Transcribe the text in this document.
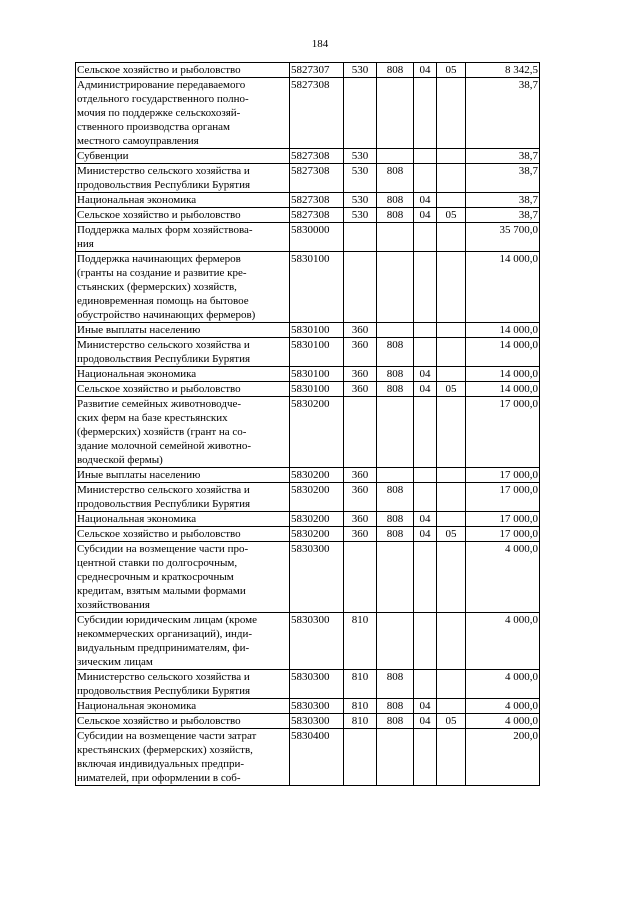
184
Сельское хозяйство и рыболовство	5827307	530	808	04	05	8 342,5

Администрирование передаваемого
отдельного государственного полно-
мочия по поддержке сельскохозяй-
ственного производства органам
местного самоуправления	5827308					38,7

Субвенции	5827308	530				38,7

Министерство сельского хозяйства и
продовольствия Республики Бурятия	5827308	530	808			38,7

Национальная экономика	5827308	530	808	04		38,7

Сельское хозяйство и рыболовство	5827308	530	808	04	05	38,7

Поддержка малых форм хозяйствова-
ния	5830000					35 700,0

Поддержка начинающих фермеров
(гранты на создание и развитие кре-
стьянских (фермерских) хозяйств,
единовременная помощь на бытовое
обустройство начинающих фермеров)	5830100					14 000,0

Иные выплаты населению	5830100	360				14 000,0

Министерство сельского хозяйства и
продовольствия Республики Бурятия	5830100	360	808			14 000,0

Национальная экономика	5830100	360	808	04		14 000,0

Сельское хозяйство и рыболовство	5830100	360	808	04	05	14 000,0

Развитие семейных животноводче-
ских ферм на базе крестьянских
(фермерских) хозяйств (грант на со-
здание молочной семейной животно-
водческой фермы)	5830200					17 000,0

Иные выплаты населению	5830200	360				17 000,0

Министерство сельского хозяйства и
продовольствия Республики Бурятия	5830200	360	808			17 000,0

Национальная экономика	5830200	360	808	04		17 000,0

Сельское хозяйство и рыболовство	5830200	360	808	04	05	17 000,0

Субсидии на возмещение части про-
центной ставки по долгосрочным,
среднесрочным и краткосрочным
кредитам, взятым малыми формами
хозяйствования	5830300					4 000,0

Субсидии юридическим лицам (кроме
некоммерческих организаций), инди-
видуальным предпринимателям, фи-
зическим лицам	5830300	810				4 000,0

Министерство сельского хозяйства и
продовольствия Республики Бурятия	5830300	810	808			4 000,0

Национальная экономика	5830300	810	808	04		4 000,0

Сельское хозяйство и рыболовство	5830300	810	808	04	05	4 000,0

Субсидии на возмещение части затрат
крестьянских (фермерских) хозяйств,
включая индивидуальных предпри-
нимателей, при оформлении в соб-	5830400					200,0
